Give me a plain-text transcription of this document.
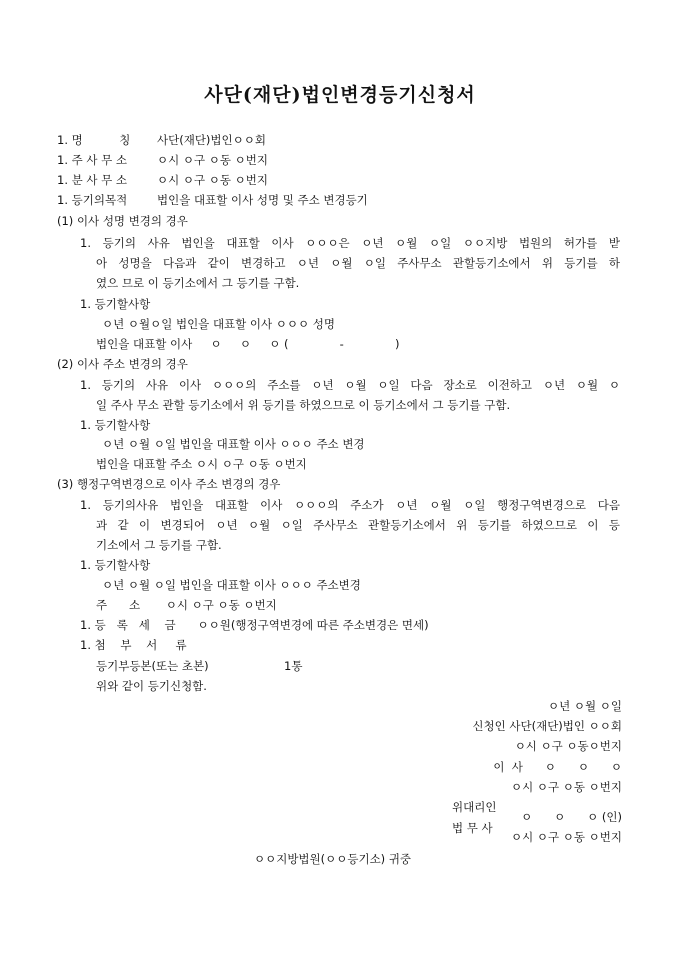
사단(재단)법인변경등기신청서
1. 명          칭 사단(재단)법인ㅇㅇ회
1. 주 사 무 소	ㅇ시 ㅇ구 ㅇ동 ㅇ번지
1. 분 사 무 소	ㅇ시 ㅇ구 ㅇ동 ㅇ번지
1. 등기의목적	법인을 대표할 이사 성명 및 주소 변경등기
(1) 이사 성명 변경의 경우
1. 등기의 사유 법인을 대표할 이사 ㅇㅇㅇ은 ㅇ년 ㅇ월 ㅇ일 ㅇㅇ지방 법원의 허가를 받
아 성명을 다음과 같이 변경하고 ㅇ년 ㅇ월 ㅇ일 주사무소 관할등기소에서 위 등기를 하
였으 므로 이 등기소에서 그 등기를 구함.
1. 등기할사항
ㅇ년 ㅇ월ㅇ일 법인을 대표할 이사 ㅇㅇㅇ 성명
법인을 대표할 이사     ㅇ     ㅇ     ㅇ (              -              )
(2) 이사 주소 변경의 경우
1. 등기의 사유 이사 ㅇㅇㅇ의 주소를 ㅇ년 ㅇ월 ㅇ일 다음 장소로 이전하고 ㅇ년 ㅇ월 ㅇ
일 주사 무소 관할 등기소에서 위 등기를 하였으므로 이 등기소에서 그 등기를 구함.
1. 등기할사항
ㅇ년 ㅇ월 ㅇ일 법인을 대표할 이사 ㅇㅇㅇ 주소 변경
법인을 대표할 주소 ㅇ시 ㅇ구 ㅇ동 ㅇ번지
(3) 행정구역변경으로 이사 주소 변경의 경우
1. 등기의사유 법인을 대표할 이사 ㅇㅇㅇ의 주소가 ㅇ년 ㅇ월 ㅇ일 행정구역변경으로 다음
과 같 이 변경되어 ㅇ년 ㅇ월 ㅇ일 주사무소 관할등기소에서 위 등기를 하였으므로 이 등
기소에서 그 등기를 구함.
1. 등기할사항
ㅇ년 ㅇ월 ㅇ일 법인을 대표할 이사 ㅇㅇㅇ 주소변경
주      소       ㅇ시 ㅇ구 ㅇ동 ㅇ번지
1. 등   록   세    금      ㅇㅇ원(행정구역변경에 따른 주소변경은 면세)
1. 첨    부    서     류
등기부등본(또는 초본)	1통
위와 같이 등기신청함.
ㅇ년 ㅇ월 ㅇ일
신청인 사단(재단)법인 ㅇㅇ회
ㅇ시 ㅇ구 ㅇ동ㅇ번지
이  사      ㅇ      ㅇ      ㅇ
ㅇ시 ㅇ구 ㅇ동 ㅇ번지
위대리인
법 무 사
ㅇ      ㅇ      ㅇ (인)
ㅇ시 ㅇ구 ㅇ동 ㅇ번지
ㅇㅇ지방법원(ㅇㅇ등기소) 귀중
